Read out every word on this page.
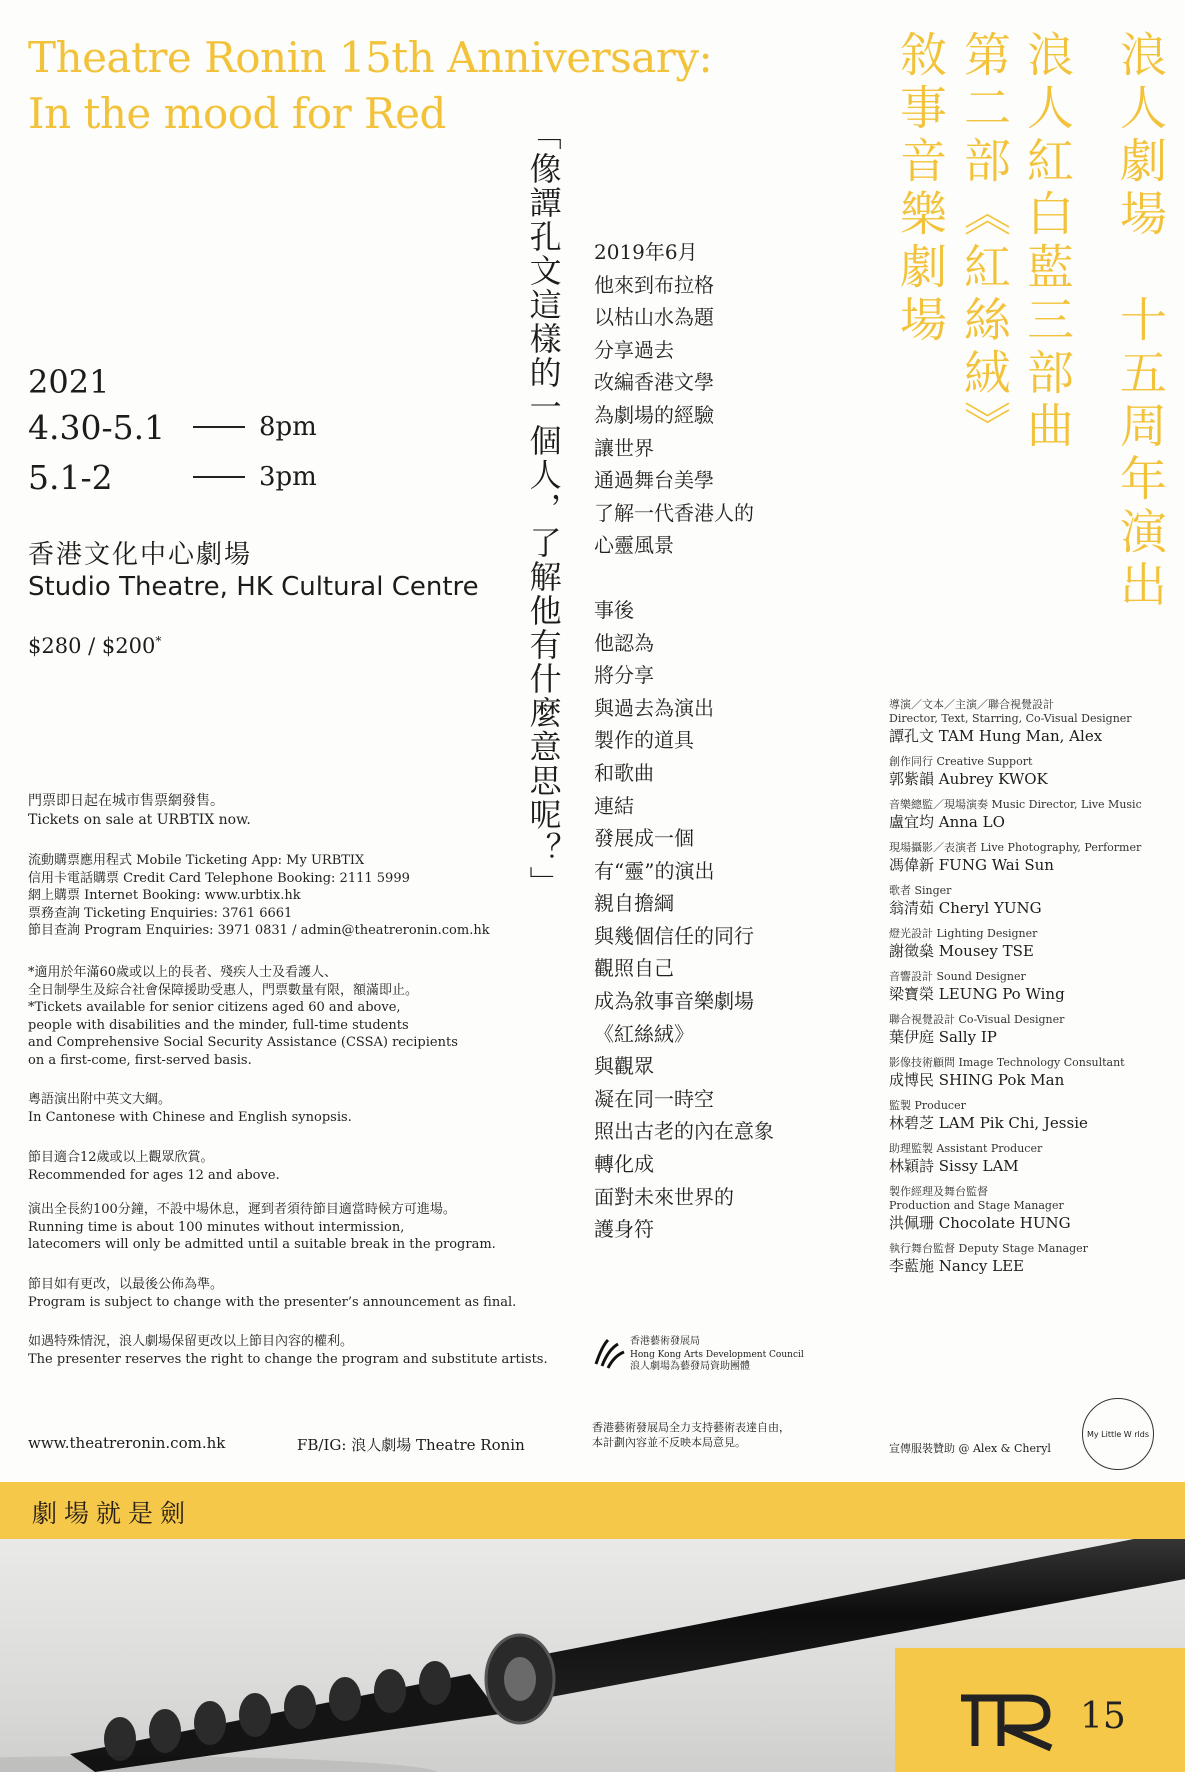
Theatre Ronin 15th Anniversary:
In the mood for Red	浪人劇場　十五周年演出
浪人紅白藍三部曲
第二部《紅絲絨》
敘事音樂劇場
「像譚孔文這樣的一個人，了解他有什麼意思呢？」 2019年6月
他來到布拉格
以枯山水為題
分享過去
改編香港文學
為劇場的經驗
讓世界
通過舞台美學
了解一代香港人的
心靈風景
事後
他認為
將分享
與過去為演出
製作的道具
和歌曲
連結
發展成一個
有“靈”的演出
親自擔綱
與幾個信任的同行
觀照自己
成為敘事音樂劇場
《紅絲絨》
與觀眾
凝在同一時空
照出古老的內在意象
轉化成
面對未來世界的
護身符
2021
4.30-5.1	8pm
5.1-2	3pm
香港文化中心劇場
Studio Theatre, HK Cultural Centre
$280 / $200*
門票即日起在城市售票網發售。
Tickets on sale at URBTIX now.
流動購票應用程式 Mobile Ticketing App: My URBTIX
信用卡電話購票 Credit Card Telephone Booking: 2111 5999
網上購票 Internet Booking: www.urbtix.hk
票務查詢 Ticketing Enquiries: 3761 6661
節目查詢 Program Enquiries: 3971 0831 / admin@theatreronin.com.hk
*適用於年滿60歲或以上的長者、殘疾人士及看護人、
全日制學生及綜合社會保障援助受惠人，門票數量有限，額滿即止。
*Tickets available for senior citizens aged 60 and above,
people with disabilities and the minder, full-time students
and Comprehensive Social Security Assistance (CSSA) recipients
on a first-come, first-served basis.
粵語演出附中英文大綱。
In Cantonese with Chinese and English synopsis.
節目適合12歲或以上觀眾欣賞。
Recommended for ages 12 and above.
演出全長約100分鐘，不設中場休息，遲到者須待節目適當時候方可進場。
Running time is about 100 minutes without intermission,
latecomers will only be admitted until a suitable break in the program.
節目如有更改，以最後公佈為準。
Program is subject to change with the presenter’s announcement as final.
如遇特殊情況，浪人劇場保留更改以上節目內容的權利。
The presenter reserves the right to change the program and substitute artists.
導演／文本／主演／聯合視覺設計
Director, Text, Starring, Co-Visual Designer
譚孔文 TAM Hung Man, Alex
創作同行 Creative Support
郭紫韻 Aubrey KWOK
音樂總監／現場演奏 Music Director, Live Music
盧宜均 Anna LO
現場攝影／表演者 Live Photography, Performer
馮偉新 FUNG Wai Sun
歌者 Singer
翁清茹 Cheryl YUNG
燈光設計 Lighting Designer
謝徵燊 Mousey TSE
音響設計 Sound Designer
梁寶榮 LEUNG Po Wing
聯合視覺設計 Co-Visual Designer
葉伊庭 Sally IP
影像技術顧問 Image Technology Consultant
成博民 SHING Pok Man
監製 Producer
林碧芝 LAM Pik Chi, Jessie
助理監製 Assistant Producer
林穎詩 Sissy LAM
製作經理及舞台監督
Production and Stage Manager
洪佩珊 Chocolate HUNG
執行舞台監督 Deputy Stage Manager
李藍施 Nancy LEE
香港藝術發展局
Hong Kong Arts Development Council
浪人劇場為藝發局資助團體
香港藝術發展局全力支持藝術表達自由，
本計劃內容並不反映本局意見。
My Little W rlds
宣傳服裝贊助 @ Alex & Cheryl
www.theatreronin.com.hk	FB/IG: 浪人劇場 Theatre Ronin
劇場就是劍
15
